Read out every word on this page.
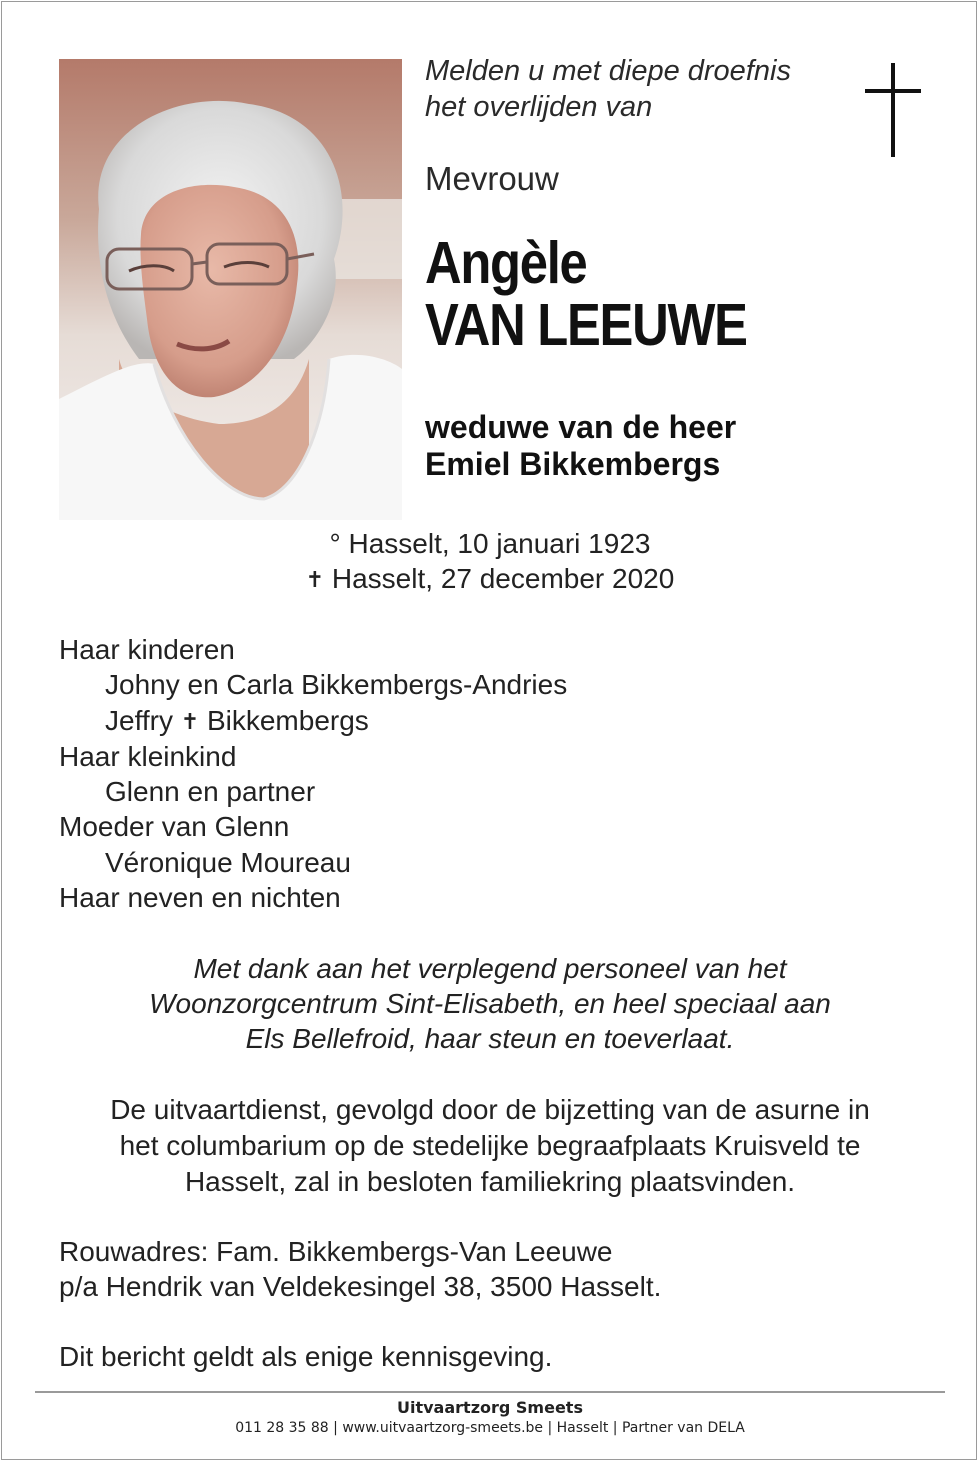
Melden u met diepe droefnis
het overlijden van
Mevrouw
Angèle
VAN LEEUWE
weduwe van de heer
Emiel Bikkembergs
° Hasselt, 10 januari 1923
✝ Hasselt, 27 december 2020
Haar kinderen
Johny en Carla Bikkembergs-Andries
Jeffry ✝ Bikkembergs
Haar kleinkind
Glenn en partner
Moeder van Glenn
Véronique Moureau
Haar neven en nichten
Met dank aan het verplegend personeel van het
Woonzorgcentrum Sint-Elisabeth, en heel speciaal aan
Els Bellefroid, haar steun en toeverlaat.
De uitvaartdienst, gevolgd door de bijzetting van de asurne in
het columbarium op de stedelijke begraafplaats Kruisveld te
Hasselt, zal in besloten familiekring plaatsvinden.
Rouwadres: Fam. Bikkembergs-Van Leeuwe
p/a Hendrik van Veldekesingel 38, 3500 Hasselt.
Dit bericht geldt als enige kennisgeving.
Uitvaartzorg Smeets
011 28 35 88 | www.uitvaartzorg-smeets.be | Hasselt | Partner van DELA
